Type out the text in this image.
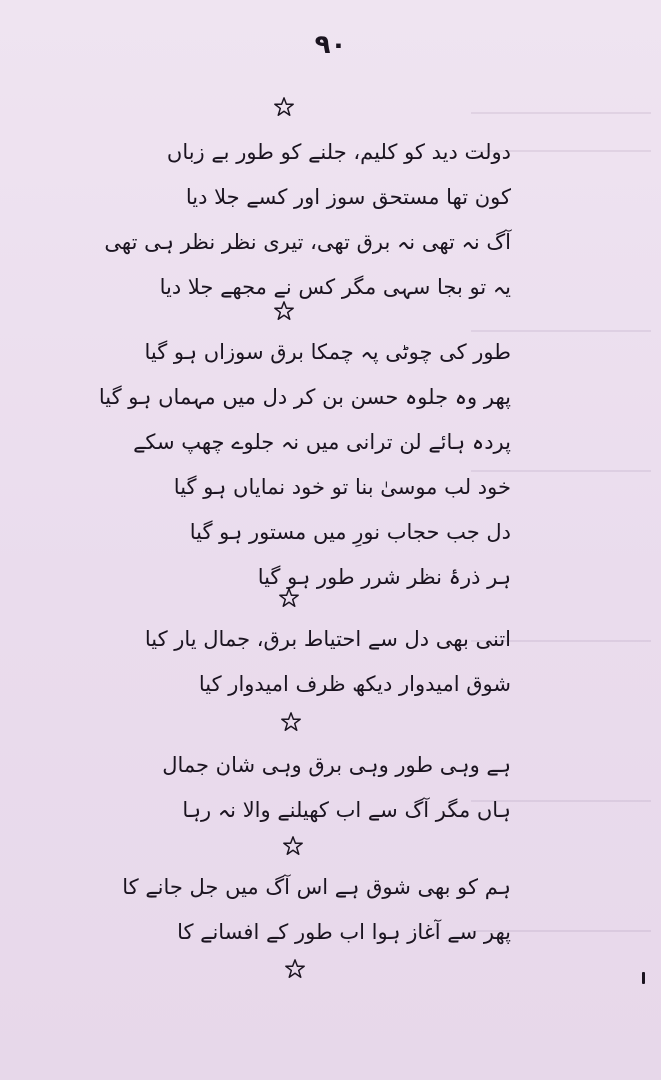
۹۰
دولت دید کو کلیم، جلنے کو طور بے زباں
کون تھا مستحق سوز اور کسے جلا دیا
آگ نہ تھی نہ برق تھی، تیری نظر نظر ہی تھی
یہ تو بجا سہی مگر کس نے مجھے جلا دیا
طور کی چوٹی پہ چمکا برق سوزاں ہو گیا
پھر وہ جلوہ حسن بن کر دل میں مہماں ہو گیا
پردہ ہائے لن ترانی میں نہ جلوے چھپ سکے
خود لب موسیٰ بنا تو خود نمایاں ہو گیا
دل جب حجاب نورِ میں مستور ہو گیا
ہر ذرۂ نظر شرر طور ہو گیا
اتنی بھی دل سے احتیاط برق، جمال یار کیا
شوق امیدوار دیکھ ظرف امیدوار کیا
ہے وہی طور وہی برق وہی شان جمال
ہاں مگر آگ سے اب کھیلنے والا نہ رہا
ہم کو بھی شوق ہے اس آگ میں جل جانے کا
پھر سے آغاز ہوا اب طور کے افسانے کا
